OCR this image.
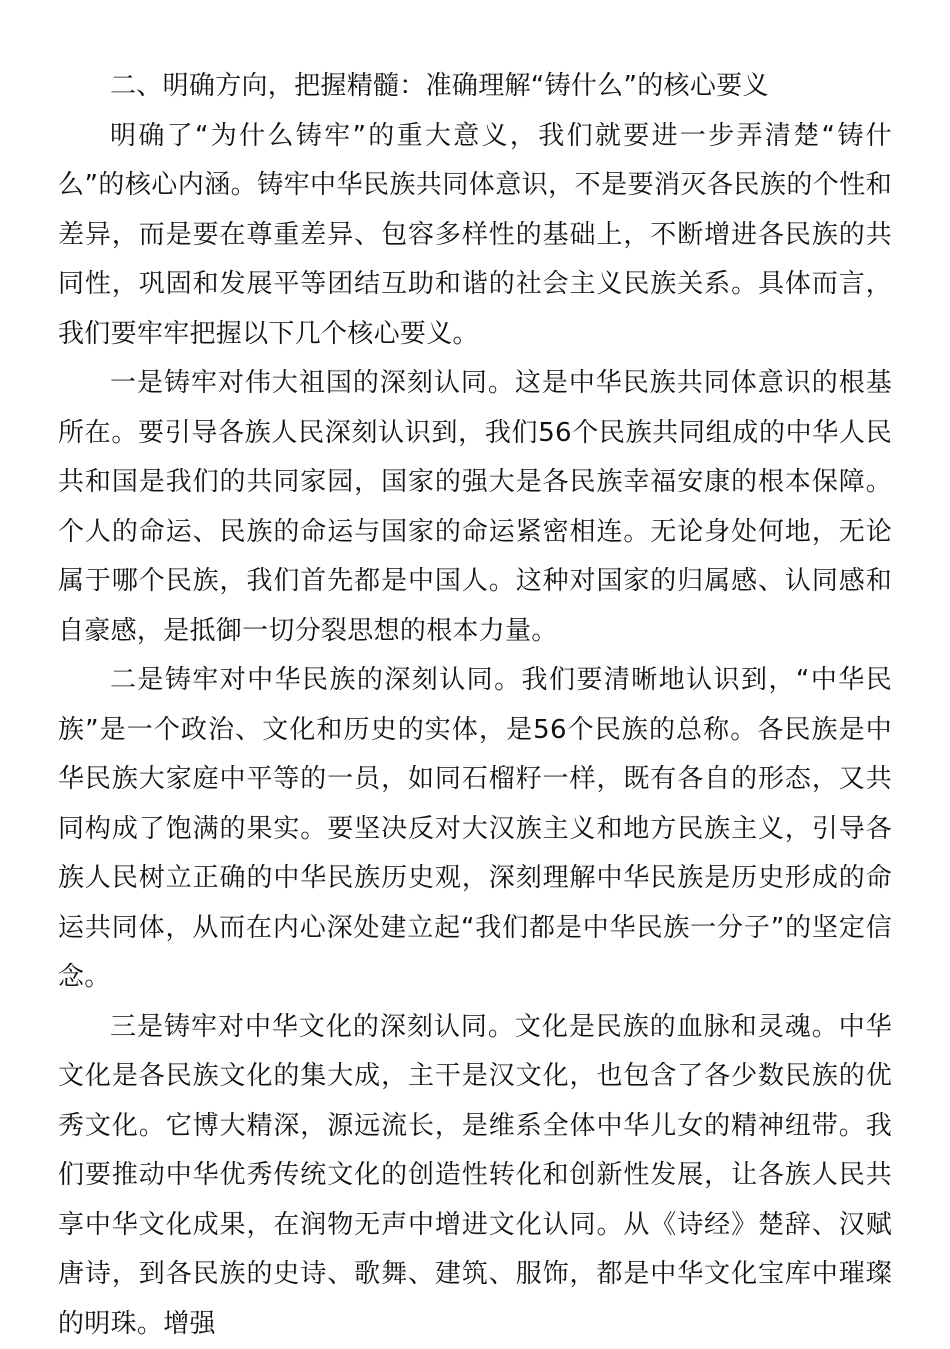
二、明确方向，把握精髓：准确理解“铸什么”的核心要义

明确了“为什么铸牢”的重大意义，我们就要进一步弄清楚“铸什么”的核心内涵。铸牢中华民族共同体意识，不是要消灭各民族的个性和差异，而是要在尊重差异、包容多样性的基础上，不断增进各民族的共同性，巩固和发展平等团结互助和谐的社会主义民族关系。具体而言，我们要牢牢把握以下几个核心要义。

一是铸牢对伟大祖国的深刻认同。这是中华民族共同体意识的根基所在。要引导各族人民深刻认识到，我们56个民族共同组成的中华人民共和国是我们的共同家园，国家的强大是各民族幸福安康的根本保障。个人的命运、民族的命运与国家的命运紧密相连。无论身处何地，无论属于哪个民族，我们首先都是中国人。这种对国家的归属感、认同感和自豪感，是抵御一切分裂思想的根本力量。

二是铸牢对中华民族的深刻认同。我们要清晰地认识到，“中华民族”是一个政治、文化和历史的实体，是56个民族的总称。各民族是中华民族大家庭中平等的一员，如同石榴籽一样，既有各自的形态，又共同构成了饱满的果实。要坚决反对大汉族主义和地方民族主义，引导各族人民树立正确的中华民族历史观，深刻理解中华民族是历史形成的命运共同体，从而在内心深处建立起“我们都是中华民族一分子”的坚定信念。

三是铸牢对中华文化的深刻认同。文化是民族的血脉和灵魂。中华文化是各民族文化的集大成，主干是汉文化，也包含了各少数民族的优秀文化。它博大精深，源远流长，是维系全体中华儿女的精神纽带。我们要推动中华优秀传统文化的创造性转化和创新性发展，让各族人民共享中华文化成果，在润物无声中增进文化认同。从《诗经》楚辞、汉赋唐诗，到各民族的史诗、歌舞、建筑、服饰，都是中华文化宝库中璀璨的明珠。增强
